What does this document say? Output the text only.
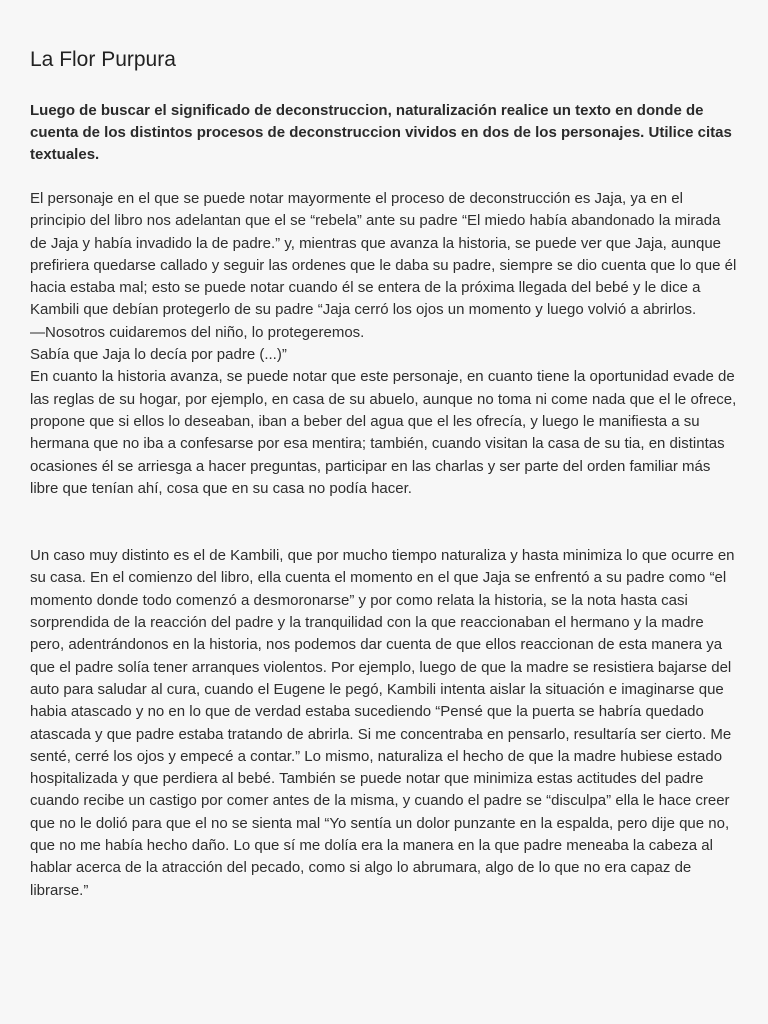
La Flor Purpura
Luego de buscar el significado de deconstruccion, naturalización realice un texto en donde de cuenta de los distintos procesos de deconstruccion vividos en dos de los personajes. Utilice citas textuales.

El personaje en el que se puede notar mayormente el proceso de deconstrucción es Jaja, ya en el principio del libro nos adelantan que el se “rebela” ante su padre “El miedo había abandonado la mirada de Jaja y había invadido la de padre.” y, mientras que avanza la historia, se puede ver que Jaja, aunque prefiriera quedarse callado y seguir las ordenes que le daba su padre, siempre se dio cuenta que lo que él hacia estaba mal; esto se puede notar cuando él se entera de la próxima llegada del bebé y le dice a Kambili que debían protegerlo de su padre “Jaja cerró los ojos un momento y luego volvió a abrirlos.

—Nosotros cuidaremos del niño, lo protegeremos.

Sabía que Jaja lo decía por padre (...)”

En cuanto la historia avanza, se puede notar que este personaje, en cuanto tiene la oportunidad evade de las reglas de su hogar, por ejemplo, en casa de su abuelo, aunque no toma ni come nada que el le ofrece, propone que si ellos lo deseaban, iban a beber del agua que el les ofrecía, y luego le manifiesta a su hermana que no iba a confesarse por esa mentira; también, cuando visitan la casa de su tia, en distintas ocasiones él se arriesga a hacer preguntas, participar en las charlas y ser parte del orden familiar más libre que tenían ahí, cosa que en su casa no podía hacer.

Un caso muy distinto es el de Kambili, que por mucho tiempo naturaliza y hasta minimiza lo que ocurre en su casa. En el comienzo del libro, ella cuenta el momento en el que Jaja se enfrentó a su padre como “el momento donde todo comenzó a desmoronarse” y por como relata la historia, se la nota hasta casi sorprendida de la reacción del padre y la tranquilidad con la que reaccionaban el hermano y la madre pero, adentrándonos en la historia, nos podemos dar cuenta de que ellos reaccionan de esta manera ya que el padre solía tener arranques violentos. Por ejemplo, luego de que la madre se resistiera bajarse del auto para saludar al cura, cuando el Eugene le pegó, Kambili intenta aislar la situación e imaginarse que habia atascado y no en lo que de verdad estaba sucediendo “Pensé que la puerta se habría quedado atascada y que padre estaba tratando de abrirla. Si me concentraba en pensarlo, resultaría ser cierto. Me senté, cerré los ojos y empecé a contar.” Lo mismo, naturaliza el hecho de que la madre hubiese estado hospitalizada y que perdiera al bebé. También se puede notar que minimiza estas actitudes del padre cuando recibe un castigo por comer antes de la misma, y cuando el padre se “disculpa” ella le hace creer que no le dolió para que el no se sienta mal “Yo sentía un dolor punzante en la espalda, pero dije que no, que no me había hecho daño. Lo que sí me dolía era la manera en la que padre meneaba la cabeza al hablar acerca de la atracción del pecado, como si algo lo abrumara, algo de lo que no era capaz de librarse.”
